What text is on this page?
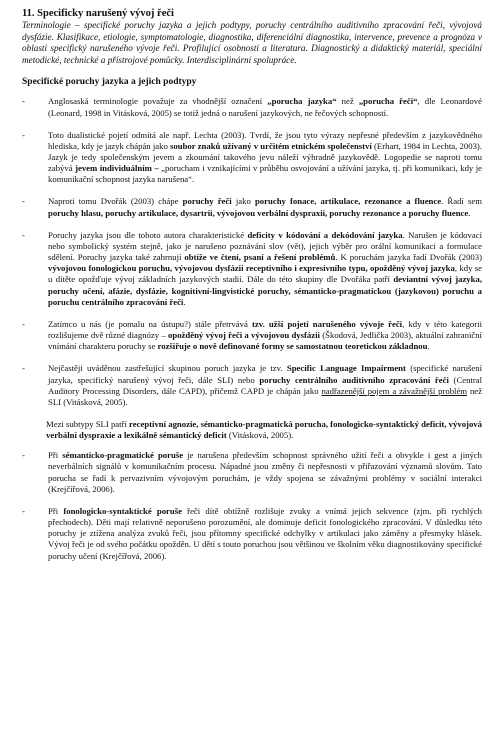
11. Specificky narušený vývoj řeči

Terminologie – specifické poruchy jazyka a jejich podtypy, poruchy centrálního auditivního zpracování řeči, vývojová dysfázie. Klasifikace, etiologie, symptomatologie, diagnostika, diferenciální diagnostika, intervence, prevence a prognóza v oblasti specifický narušeného vývoje řeči. Profilující osobnosti a literatura. Diagnostický a didaktický materiál, speciální metodické, technické a přístrojové pomůcky. Interdisciplinární spolupráce.

Specifické poruchy jazyka a jejich podtypy

-	Anglosaská terminologie považuje za vhodnější označení „porucha jazyka“ než „porucha řeči“, dle Leonardové (Leonard, 1998 in Vitásková, 2005) se totiž jedná o narušení jazykových, ne řečových schopností.
-	Toto dualistické pojetí odmítá ale např. Lechta (2003). Tvrdí, že jsou tyto výrazy nepřesné především z jazykovědného hlediska, kdy je jazyk chápán jako soubor znaků užívaný v určitém etnickém společenství (Erhart, 1984 in Lechta, 2003). Jazyk je tedy společenským jevem a zkoumání takového jevu náleží výhradně jazykovědě. Logopedie se naproti tomu zabývá jevem individuálním – „porucham i vznikajícími v průběhu osvojování a užívání jazyka, tj. při komunikaci, kdy je komunikační schopnost jazyka narušena“.
-	Naproti tomu Dvořák (2003) chápe poruchy řeči jako poruchy fonace, artikulace, rezonance a fluence. Řadí sem poruchy hlasu, poruchy artikulace, dysartrii, vývojovou verbální dyspraxii, poruchy rezonance a poruchy fluence.
-	Poruchy jazyka jsou dle tohoto autora charakteristické deficity v kódování a dekódování jazyka. Narušen je kódovací nebo symbolický systém stejně, jako je narušeno poznávání slov (vět), jejich výběr pro orální komunikaci a formulace sdělení. Poruchy jazyka také zahrnují obtíže ve čtení, psaní a řešení problémů. K poruchám jazyka řadí Dvořák (2003) vývojovou fonologickou poruchu, vývojovou dysfázii receptivního i expresivního typu, opožděný vývoj jazyka, kdy se u dítěte opožďuje vývoj základních jazykových stadií. Dále do této skupiny dle Dvořáka patří deviantní vývoj jazyka, poruchy učení, afázie, dysfázie, kognitivní-lingvistické poruchy, sémanticko-pragmatickou (jazykovou) poruchu a poruchu centrálního zpracování řeči.
-	Zatímco u nás (je pomalu na ústupu?) stále přetrvává tzv. užší pojetí narušeného vývoje řeči, kdy v této kategorii rozlišujeme dvě různé diagnózy – opožděný vývoj řeči a vývojovou dysfázii (Škodová, Jedlička 2003), aktuální zahraniční vnímání charakteru poruchy se rozšiřuje o nově definované formy se samostatnou teoretickou základnou.
-	Nejčastěji uváděnou zastřešující skupinou poruch jazyka je tzv. Specific Language Impairment (specifické narušení jazyka, specifický narušený vývoj řeči, dále SLI) nebo poruchy centrálního auditivního zpracování řeči (Central Auditory Processing Disorders, dále CAPD), přičemž CAPD je chápán jako nadřazenější pojem a závažnější problém než SLI (Vitásková, 2005).

Mezi subtypy SLI patří receptivní agnozie, sémanticko-pragmatická porucha, fonologicko-syntaktický deficit, vývojová verbální dyspraxie a lexikálně sémantický deficit (Vitásková, 2005).

-	Při sémanticko-pragmatické poruše je narušena především schopnost správného užití řeči a obvykle i gest a jiných neverbálních signálů v komunikačním procesu. Nápadné jsou změny či nepřesnosti v přiřazování významů slovům. Tato porucha se řadí k pervazivním vývojovým poruchám, je vždy spojena se závažnými problémy v sociální interakci (Krejčířová, 2006).
-	Při fonologicko-syntaktické poruše řeči dítě obtížně rozlišuje zvuky a vnímá jejich sekvence (zjm. při rychlých přechodech). Děti mají relativně neporušeno porozumění, ale dominuje deficit fonologického zpracování. V důsledku této poruchy je ztížena analýza zvuků řeči, jsou přítomny specifické odchylky v artikulaci jako záměny a přesmyky hlásek. Vývoj řeči je od svého počátku opožděn. U dětí s touto poruchou jsou většinou ve školním věku diagnostikovány specifické poruchy učení (Krejčířová, 2006).
